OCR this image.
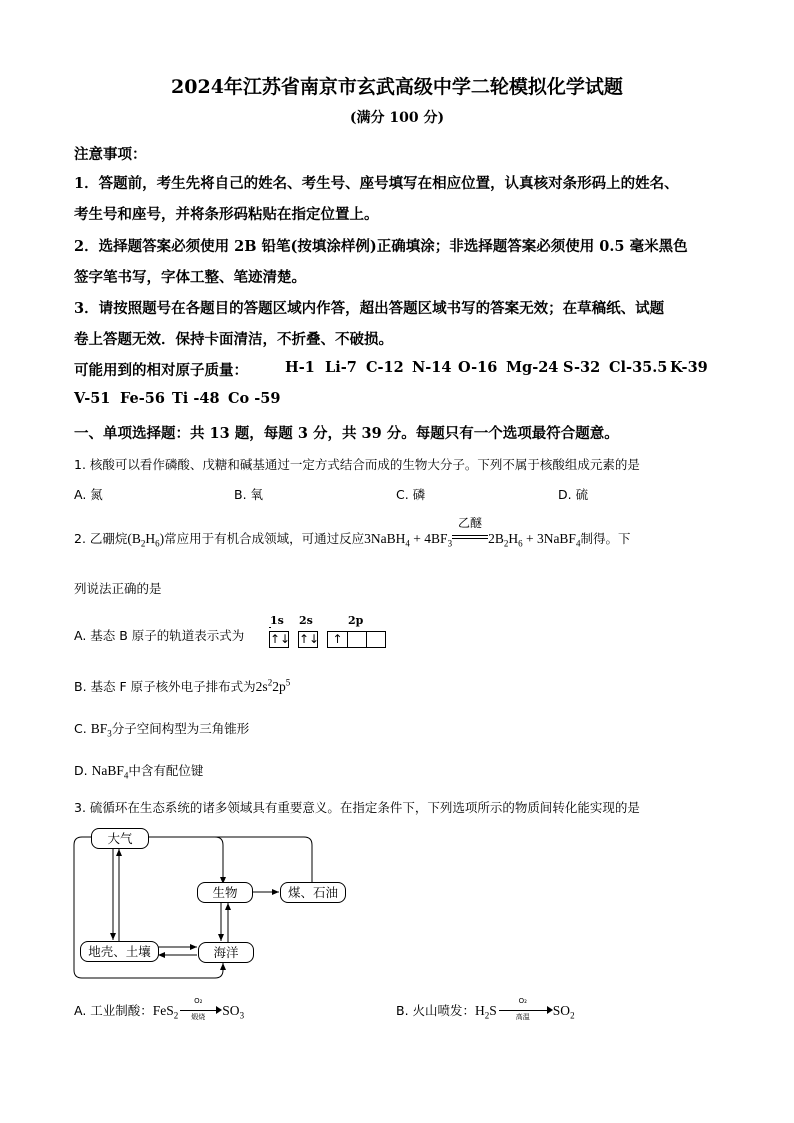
2024年江苏省南京市玄武高级中学二轮模拟化学试题
(满分 100 分)
注意事项：
1．答题前，考生先将自己的姓名、考生号、座号填写在相应位置，认真核对条形码上的姓名、
考生号和座号，并将条形码粘贴在指定位置上。
2．选择题答案必须使用 2B 铅笔(按填涂样例)正确填涂；非选择题答案必须使用 0.5 毫米黑色
签字笔书写，字体工整、笔迹清楚。
3．请按照题号在各题目的答题区域内作答，超出答题区域书写的答案无效；在草稿纸、试题
卷上答题无效．保持卡面清洁，不折叠、不破损。
可能用到的相对原子质量：	H-1 Li-7 C-12 N-14 O-16 Mg-24 S-32 Cl-35.5 K-39
V-51 Fe-56 Ti -48 Co -59
一、单项选择题：共 13 题，每题 3 分，共 39 分。每题只有一个选项最符合题意。
1. 核酸可以看作磷酸、戊糖和碱基通过一定方式结合而成的生物大分子。下列不属于核酸组成元素的是
A. 氮	B. 氧	C. 磷	D. 硫
2. 乙硼烷$(B_2H_6)$常应用于有机合成领域，可通过反应3NaBH$_4$ + $4BF_3$
乙醚
$2B_2H_6$ + 3NaBF$_4$制得。下
列说法正确的是
A. 基态 B 原子的轨道表示式为
1s 2s	2p
↑↓ ↑↓	↑
B. 基态 F 原子核外电子排布式为$2s^22p^5$
C. $BF_3$分子空间构型为三角锥形
D. NaBF$_4$中含有配位键
3. 硫循环在生态系统的诸多领域具有重要意义。在指定条件下，下列选项所示的物质间转化能实现的是
大气
生物	煤、石油
地壳、土壤	海洋
A. 工业制酸：FeS$_2$
O₂
煅烧	$SO_3$	B. 火山喷发：$H_2S$
O₂
高温	$SO_2$
